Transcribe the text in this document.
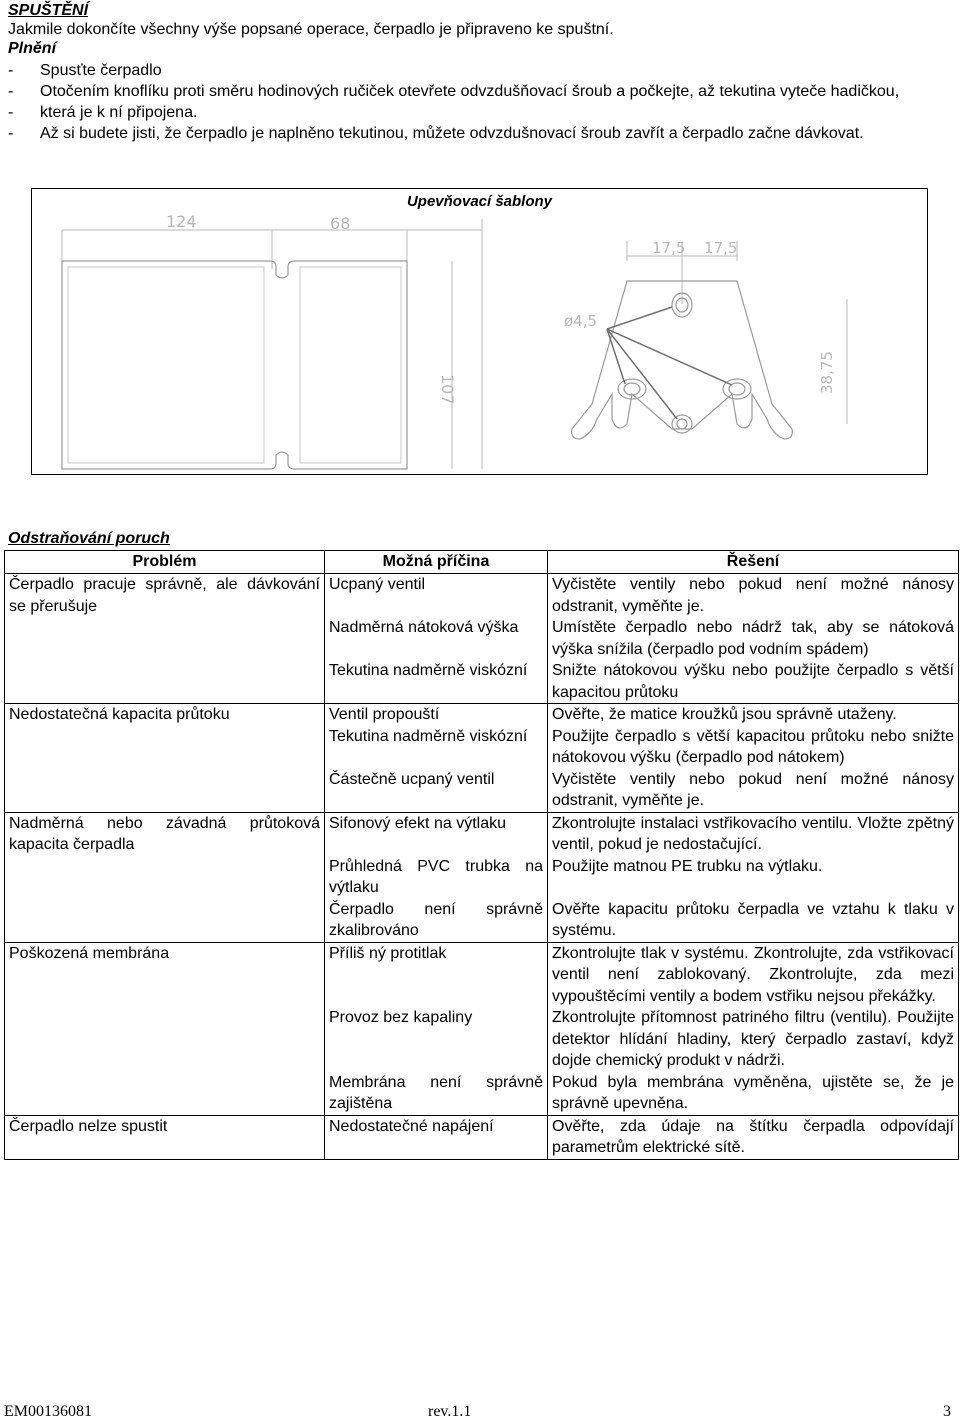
SPUŠTĚNÍ
Jakmile dokončíte všechny výše popsané operace, čerpadlo je připraveno ke spuštní.
Plnění
- Spusťte čerpadlo
- Otočením knoflíku proti směru hodinových ručiček otevřete odvzdušňovací šroub a počkejte, až tekutina vyteče hadičkou,
- která je k ní připojena.
- Až si budete jisti, že čerpadlo je naplněno tekutinou, můžete odvzdušnovací šroub zavřít a čerpadlo začne dávkovat.
Upevňovací šablony
124	68
17,5 17,5
ø4,5
107	38,75
Odstraňování poruch
Problém	Možná příčina	Řešení
Čerpadlo pracuje správně, ale dávkování se přerušuje	Ucpaný ventil	Vyčistěte ventily nebo pokud není možné nánosy odstranit, vyměňte je.
	Nadměrná nátoková výška	Umístěte čerpadlo nebo nádrž tak, aby se nátoková výška snížila (čerpadlo pod vodním spádem)
	Tekutina nadměrně viskózní	Snižte nátokovou výšku nebo použijte čerpadlo s větší kapacitou průtoku
Nedostatečná kapacita průtoku	Ventil propouští	Ověřte, že matice kroužků jsou správně utaženy.
	Tekutina nadměrně viskózní	Použijte čerpadlo s větší kapacitou průtoku nebo snižte nátokovou výšku (čerpadlo pod nátokem)
	Částečně ucpaný ventil	Vyčistěte ventily nebo pokud není možné nánosy odstranit, vyměňte je.
Nadměrná nebo závadná průtoková kapacita čerpadla	Sifonový efekt na výtlaku	Zkontrolujte instalaci vstřikovacího ventilu. Vložte zpětný ventil, pokud je nedostačující.
	Průhledná PVC trubka na výtlaku	Použijte matnou PE trubku na výtlaku.
	Čerpadlo není správně zkalibrováno	Ověřte kapacitu průtoku čerpadla ve vztahu k tlaku v systému.
Poškozená membrána	Příliš ný protitlak	Zkontrolujte tlak v systému. Zkontrolujte, zda vstřikovací ventil není zablokovaný. Zkontrolujte, zda mezi vypouštěcími ventily a bodem vstřiku nejsou překážky.
	Provoz bez kapaliny	Zkontrolujte přítomnost patriného filtru (ventilu). Použijte detektor hlídání hladiny, který čerpadlo zastaví, když dojde chemický produkt v nádrži.
	Membrána není správně zajištěna	Pokud byla membrána vyměněna, ujistěte se, že je správně upevněna.
Čerpadlo nelze spustit	Nedostatečné napájení	Ověřte, zda údaje na štítku čerpadla odpovídají parametrům elektrické sítě.
EM00136081	rev.1.1	3
